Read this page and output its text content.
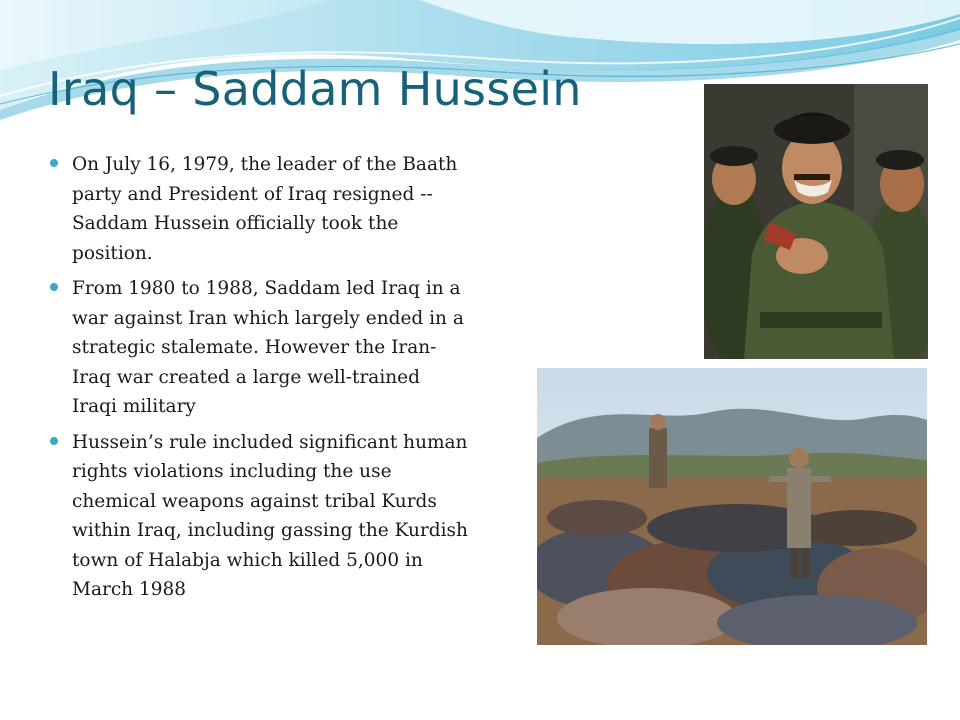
Iraq – Saddam Hussein
On July 16, 1979, the leader of the Baath party and President of Iraq resigned -- Saddam Hussein officially took the position.
From 1980 to 1988, Saddam led Iraq in a war against Iran which largely ended in a strategic stalemate. However the Iran-Iraq war created a large well-trained Iraqi military
Hussein’s rule included significant human rights violations including the use chemical weapons against tribal Kurds within Iraq, including gassing the Kurdish town of Halabja which killed 5,000 in March 1988
